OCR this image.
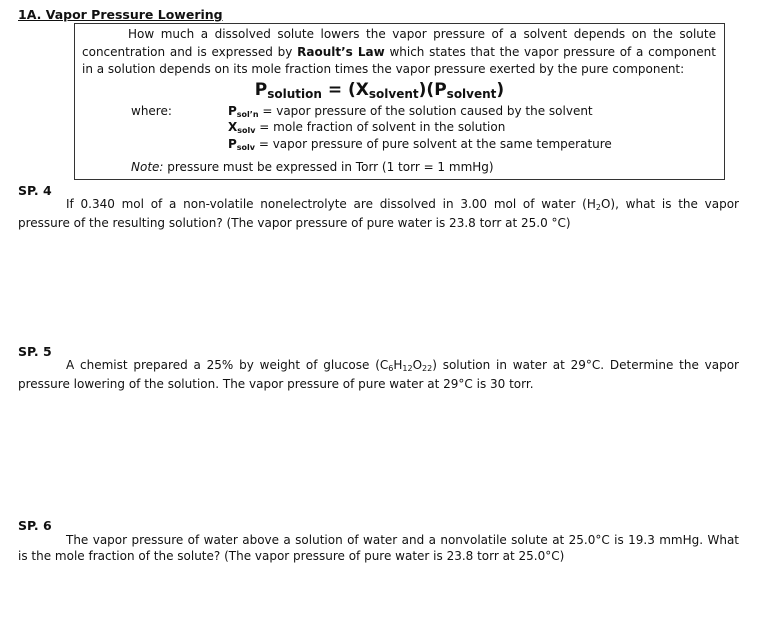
1A. Vapor Pressure Lowering
How much a dissolved solute lowers the vapor pressure of a solvent depends on the solute concentration and is expressed by Raoult’s Law which states that the vapor pressure of a component in a solution depends on its mole fraction times the vapor pressure exerted by the pure component:
$P_{solution} = (X_{solvent})(P_{solvent})$
where:	$P_{sol’n}$ = vapor pressure of the solution caused by the solvent
$X_{solv}$ = mole fraction of solvent in the solution
$P_{solv}$ = vapor pressure of pure solvent at the same temperature
Note: pressure must be expressed in Torr (1 torr = 1 mmHg)
SP. 4
If 0.340 mol of a non-volatile nonelectrolyte are dissolved in 3.00 mol of water $(H_2O)$, what is the vapor pressure of the resulting solution? (The vapor pressure of pure water is 23.8 torr at 25.0 °C)
SP. 5
A chemist prepared a 25% by weight of glucose $(C_6H_{12}O_{22})$ solution in water at 29°C. Determine the vapor pressure lowering of the solution. The vapor pressure of pure water at 29°C is 30 torr.
SP. 6
The vapor pressure of water above a solution of water and a nonvolatile solute at 25.0°C is 19.3 mmHg. What is the mole fraction of the solute? (The vapor pressure of pure water is 23.8 torr at 25.0°C)
